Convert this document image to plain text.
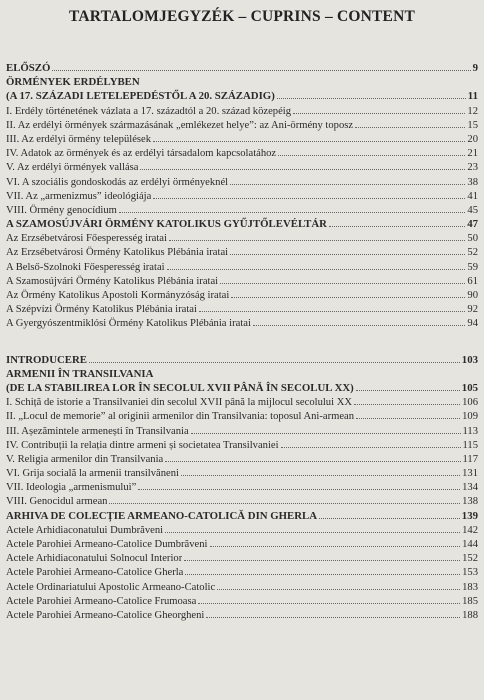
TARTALOMJEGYZÉK – CUPRINS – CONTENT
ELŐSZÓ	9
ÖRMÉNYEK ERDÉLYBEN
(A 17. SZÁZADI LETELEPEDÉSTŐL A 20. SZÁZADIG)	11
I. Erdély történetének vázlata a 17. századtól a 20. század közepéig	12
II. Az erdélyi örmények származásának „emlékezet helye”: az Ani-örmény toposz	15
III. Az erdélyi örmény települések	20
IV. Adatok az örmények és az erdélyi társadalom kapcsolatához	21
V. Az erdélyi örmények vallása	23
VI. A szociális gondoskodás az erdélyi örményeknél	38
VII. Az „armenizmus” ideológiája	41
VIII. Örmény genocídium	45
A SZAMOSÚJVÁRI ÖRMÉNY KATOLIKUS GYŰJTŐLEVÉLTÁR	47
Az Erzsébetvárosi Főesperesség iratai	50
Az Erzsébetvárosi Örmény Katolikus Plébánia iratai	52
A Belső-Szolnoki Főesperesség iratai	59
A Szamosújvári Örmény Katolikus Plébánia iratai	61
Az Örmény Katolikus Apostoli Kormányzóság iratai	90
A Szépvízi Örmény Katolikus Plébánia iratai	92
A Gyergyószentmiklósi Örmény Katolikus Plébánia iratai	94
INTRODUCERE	103
ARMENII ÎN TRANSILVANIA
(DE LA STABILIREA LOR ÎN SECOLUL XVII PÂNĂ ÎN SECOLUL XX)	105
I. Schiță de istorie a Transilvaniei din secolul XVII până la mijlocul secolului XX	106
II. „Locul de memorie” al originii armenilor din Transilvania: toposul Ani-armean	109
III. Așezămintele armenești în Transilvania	113
IV. Contribuții la relația dintre armeni și societatea Transilvaniei	115
V. Religia armenilor din Transilvania	117
VI. Grija socială la armenii transilvăneni	131
VII. Ideologia „armenismului”	134
VIII. Genocidul armean	138
ARHIVA DE COLECȚIE ARMEANO-CATOLICĂ DIN GHERLA	139
Actele Arhidiaconatului Dumbrăveni	142
Actele Parohiei Armeano-Catolice Dumbrăveni	144
Actele Arhidiaconatului Solnocul Interior	152
Actele Parohiei Armeano-Catolice Gherla	153
Actele Ordinariatului Apostolic Armeano-Catolic	183
Actele Parohiei Armeano-Catolice Frumoasa	185
Actele Parohiei Armeano-Catolice Gheorgheni	188
